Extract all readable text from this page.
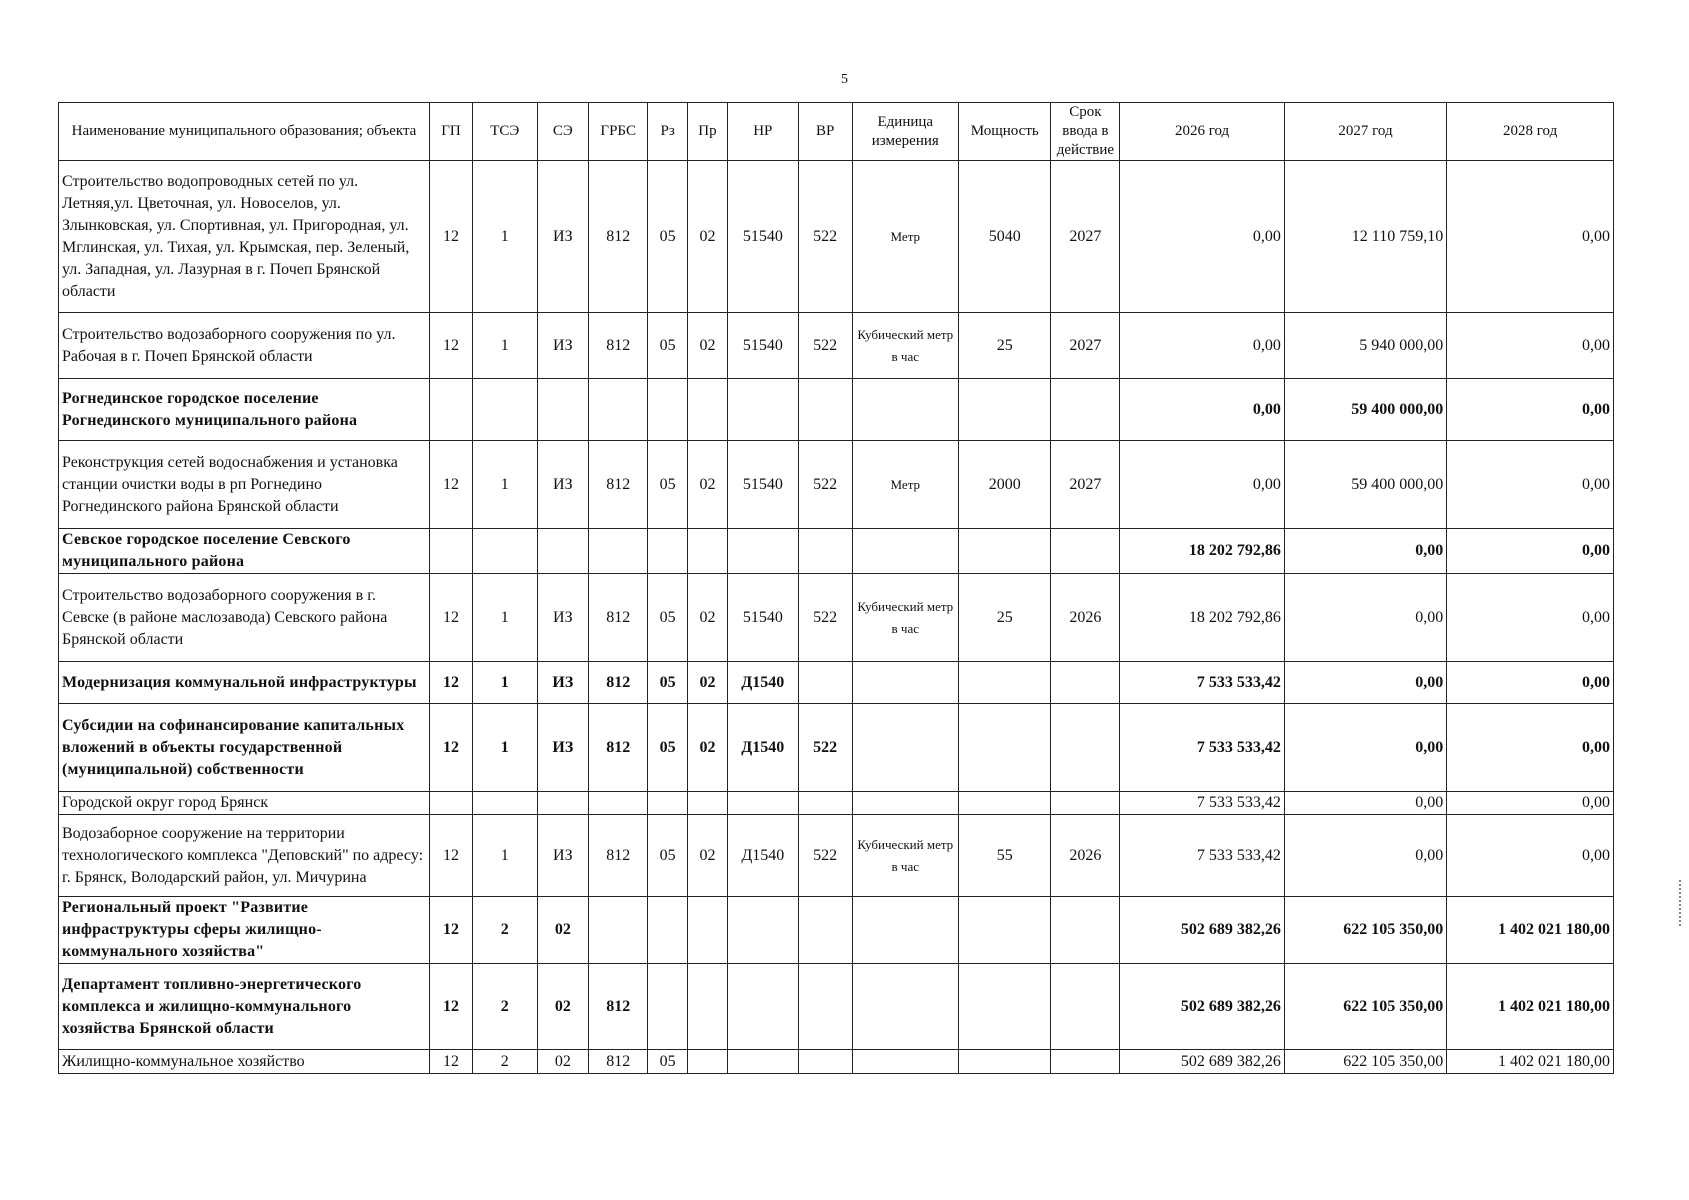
5
Наименование муниципального образования; объекта	ГП	ТСЭ	СЭ	ГРБС	Рз	Пр	НР	ВР	Единица измерения	Мощность	Срок ввода в действие	2026 год	2027 год	2028 год
Строительство водопроводных сетей по ул. Летняя,ул. Цветочная, ул. Новоселов, ул. Злынковская, ул. Спортивная, ул. Пригородная, ул. Мглинская, ул. Тихая, ул. Крымская, пер. Зеленый, ул. Западная, ул. Лазурная в г. Почеп Брянской области	12	1	ИЗ	812	05	02	51540	522	Метр	5040	2027	0,00	12 110 759,10	0,00
Строительство водозаборного сооружения по ул. Рабочая в г. Почеп Брянской области	12	1	ИЗ	812	05	02	51540	522	Кубический метр в час	25	2027	0,00	5 940 000,00	0,00
Рогнединское городское поселение Рогнединского муниципального района												0,00	59 400 000,00	0,00
Реконструкция сетей водоснабжения и установка станции очистки воды в рп Рогнедино Рогнединского района Брянской области	12	1	ИЗ	812	05	02	51540	522	Метр	2000	2027	0,00	59 400 000,00	0,00
Севское городское поселение Севского муниципального района												18 202 792,86	0,00	0,00
Строительство водозаборного сооружения в г. Севске (в районе маслозавода) Севского района Брянской области	12	1	ИЗ	812	05	02	51540	522	Кубический метр в час	25	2026	18 202 792,86	0,00	0,00
Модернизация коммунальной инфраструктуры	12	1	ИЗ	812	05	02	Д1540					7 533 533,42	0,00	0,00
Субсидии на софинансирование капитальных вложений в объекты государственной (муниципальной) собственности	12	1	ИЗ	812	05	02	Д1540	522				7 533 533,42	0,00	0,00
Городской округ город Брянск												7 533 533,42	0,00	0,00
Водозаборное сооружение на территории технологического комплекса "Деповский" по адресу: г. Брянск, Володарский район, ул. Мичурина	12	1	ИЗ	812	05	02	Д1540	522	Кубический метр в час	55	2026	7 533 533,42	0,00	0,00
Региональный проект "Развитие инфраструктуры сферы жилищно-коммунального хозяйства"	12	2	02									502 689 382,26	622 105 350,00	1 402 021 180,00
Департамент топливно-энергетического комплекса и жилищно-коммунального хозяйства Брянской области	12	2	02	812								502 689 382,26	622 105 350,00	1 402 021 180,00
Жилищно-коммунальное хозяйство	12	2	02	812	05							502 689 382,26	622 105 350,00	1 402 021 180,00
